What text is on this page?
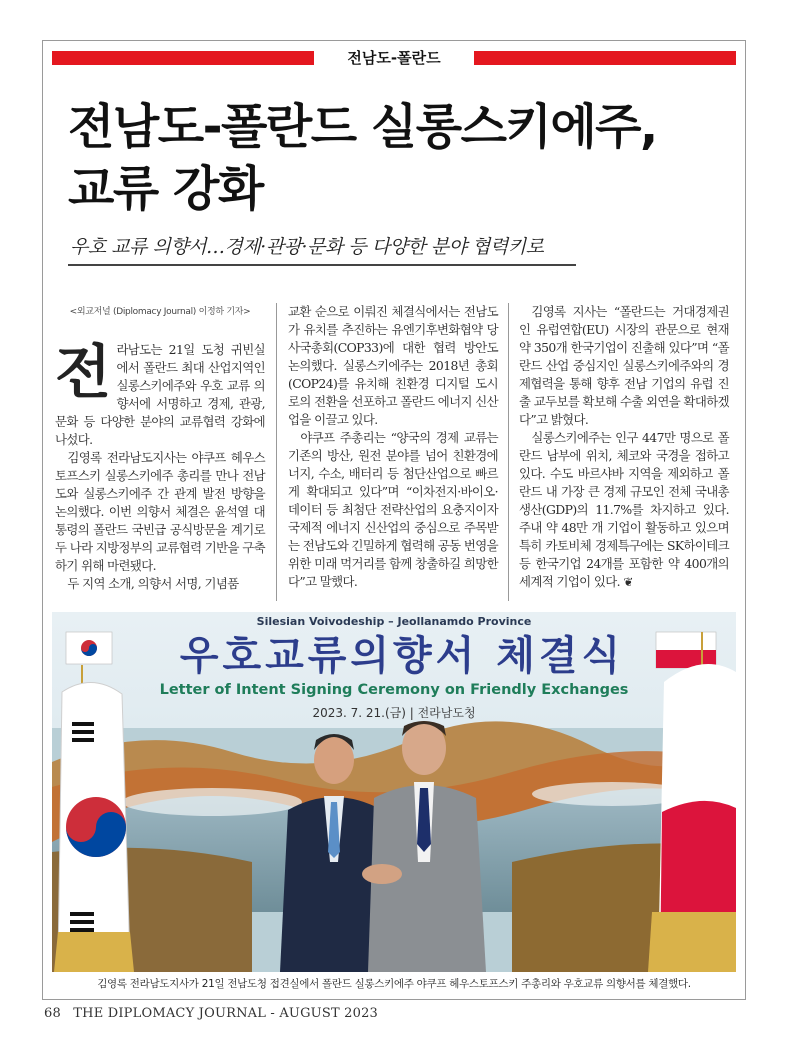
전남도-폴란드
전남도-폴란드 실롱스키에주,
교류 강화
우호 교류 의향서…경제·관광·문화 등 다양한 분야 협력키로
<외교저널 (Diplomacy Journal) 이정하 기자>

전라남도는 21일 도청 귀빈실에서 폴란드 최대 산업지역인 실롱스키에주와 우호 교류 의향서에 서명하고 경제, 관광, 문화 등 다양한 분야의 교류협력 강화에 나섰다.

김영록 전라남도지사는 야쿠프 헤우스토프스키 실롱스키에주 총리를 만나 전남도와 실롱스키에주 간 관계 발전 방향을 논의했다. 이번 의향서 체결은 윤석열 대통령의 폴란드 국빈급 공식방문을 계기로 두 나라 지방정부의 교류협력 기반을 구축하기 위해 마련됐다.

두 지역 소개, 의향서 서명, 기념품

교환 순으로 이뤄진 체결식에서는 전남도가 유치를 추진하는 유엔기후변화협약 당사국총회(COP33)에 대한 협력 방안도 논의했다. 실롱스키에주는 2018년 총회(COP24)를 유치해 친환경 디지털 도시로의 전환을 선포하고 폴란드 에너지 신산업을 이끌고 있다.

야쿠프 주총리는 “양국의 경제 교류는 기존의 방산, 원전 분야를 넘어 친환경에너지, 수소, 배터리 등 첨단산업으로 빠르게 확대되고 있다”며 “이차전지·바이오·데이터 등 최첨단 전략산업의 요충지이자 국제적 에너지 신산업의 중심으로 주목받는 전남도와 긴밀하게 협력해 공동 번영을 위한 미래 먹거리를 함께 창출하길 희망한다”고 말했다.

김영록 지사는 “폴란드는 거대경제권인 유럽연합(EU) 시장의 관문으로 현재 약 350개 한국기업이 진출해 있다”며 “폴란드 산업 중심지인 실롱스키에주와의 경제협력을 통해 향후 전남 기업의 유럽 진출 교두보를 확보해 수출 외연을 확대하겠다”고 밝혔다.

실롱스키에주는 인구 447만 명으로 폴란드 남부에 위치, 체코와 국경을 접하고 있다. 수도 바르샤바 지역을 제외하고 폴란드 내 가장 큰 경제 규모인 전체 국내총생산(GDP)의 11.7%를 차지하고 있다. 주내 약 48만 개 기업이 활동하고 있으며 특히 카토비체 경제특구에는 SK하이테크 등 한국기업 24개를 포함한 약 400개의 세계적 기업이 있다. ❦

Silesian Voivodeship – Jeollanamdo Province
우호교류의향서 체결식
Letter of Intent Signing Ceremony on Friendly Exchanges
2023. 7. 21.(금) | 전라남도청
김영록 전라남도지사가 21일 전남도청 접견실에서 폴란드 실롱스키에주 야쿠프 헤우스토프스키 주총리와 우호교류 의향서를 체결했다.
68 THE DIPLOMACY JOURNAL - AUGUST 2023
